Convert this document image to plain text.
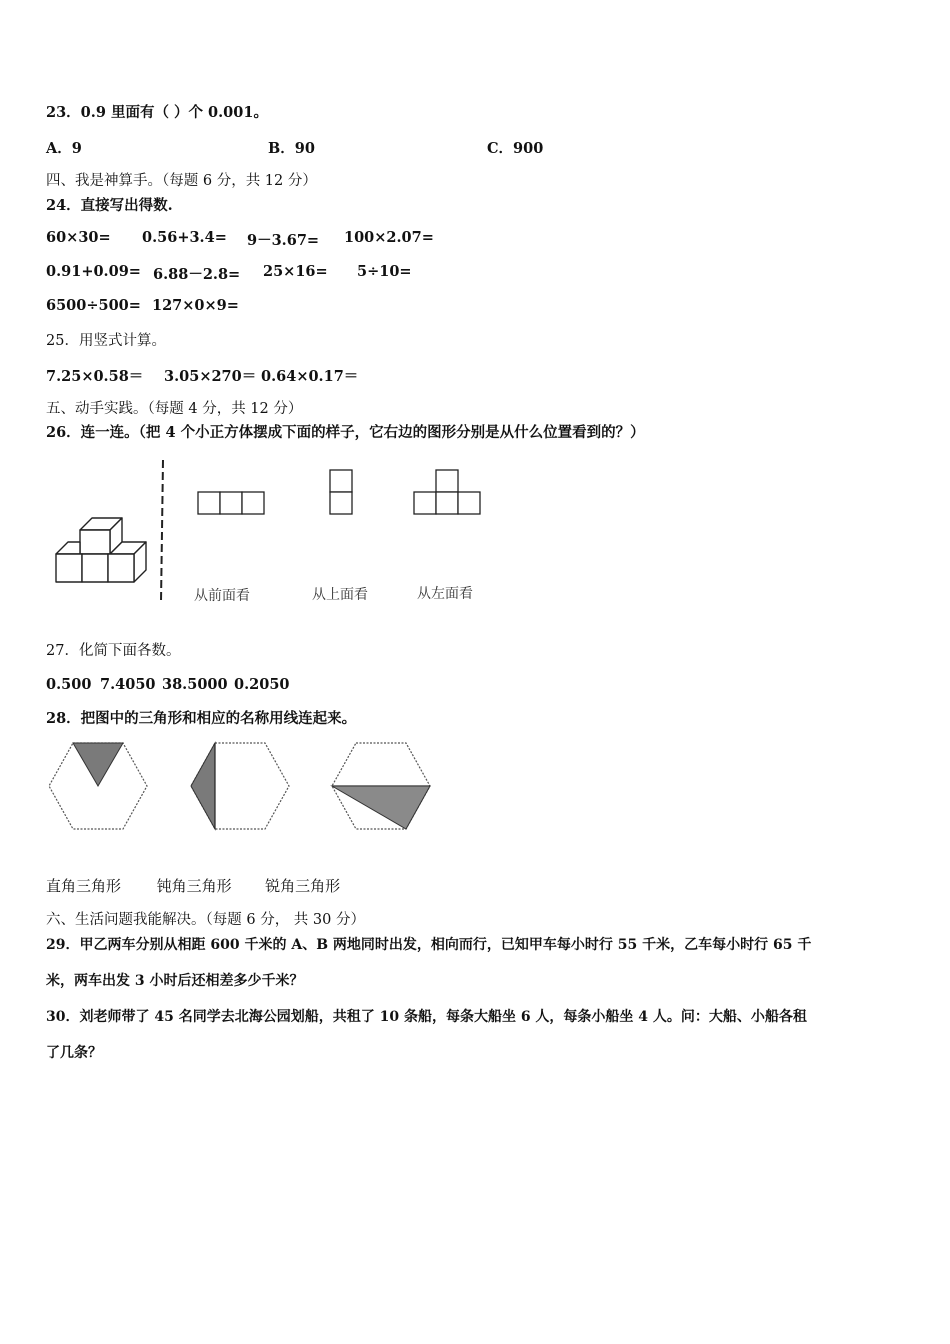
23．0.9 里面有（ ）个 0.001。
A．9	B．90	C．900
四、我是神算手。（每题 6 分，共 12 分）
24．直接写出得数.
60×30= 0.56+3.4= 9－3.67= 100×2.07=
0.91+0.09= 6.88－2.8= 25×16= 5÷10=
6500÷500= 127×0×9=
25．用竖式计算。
7.25×0.58＝ 3.05×270＝ 0.64×0.17＝
五、动手实践。（每题 4 分，共 12 分）
26．连一连。（把 4 个小正方体摆成下面的样子，它右边的图形分别是从什么位置看到的？）
从前面看	从上面看	从左面看
27．化简下面各数。
0.500 7.4050 38.5000 0.2050
28．把图中的三角形和相应的名称用线连起来。
直角三角形 钝角三角形 锐角三角形
六、生活问题我能解决。（每题 6 分， 共 30 分）
29．甲乙两车分别从相距 600 千米的 A、B 两地同时出发，相向而行，已知甲车每小时行 55 千米，乙车每小时行 65 千
米，两车出发 3 小时后还相差多少千米？
30．刘老师带了 45 名同学去北海公园划船，共租了 10 条船，每条大船坐 6 人，每条小船坐 4 人。问：大船、小船各租
了几条？
